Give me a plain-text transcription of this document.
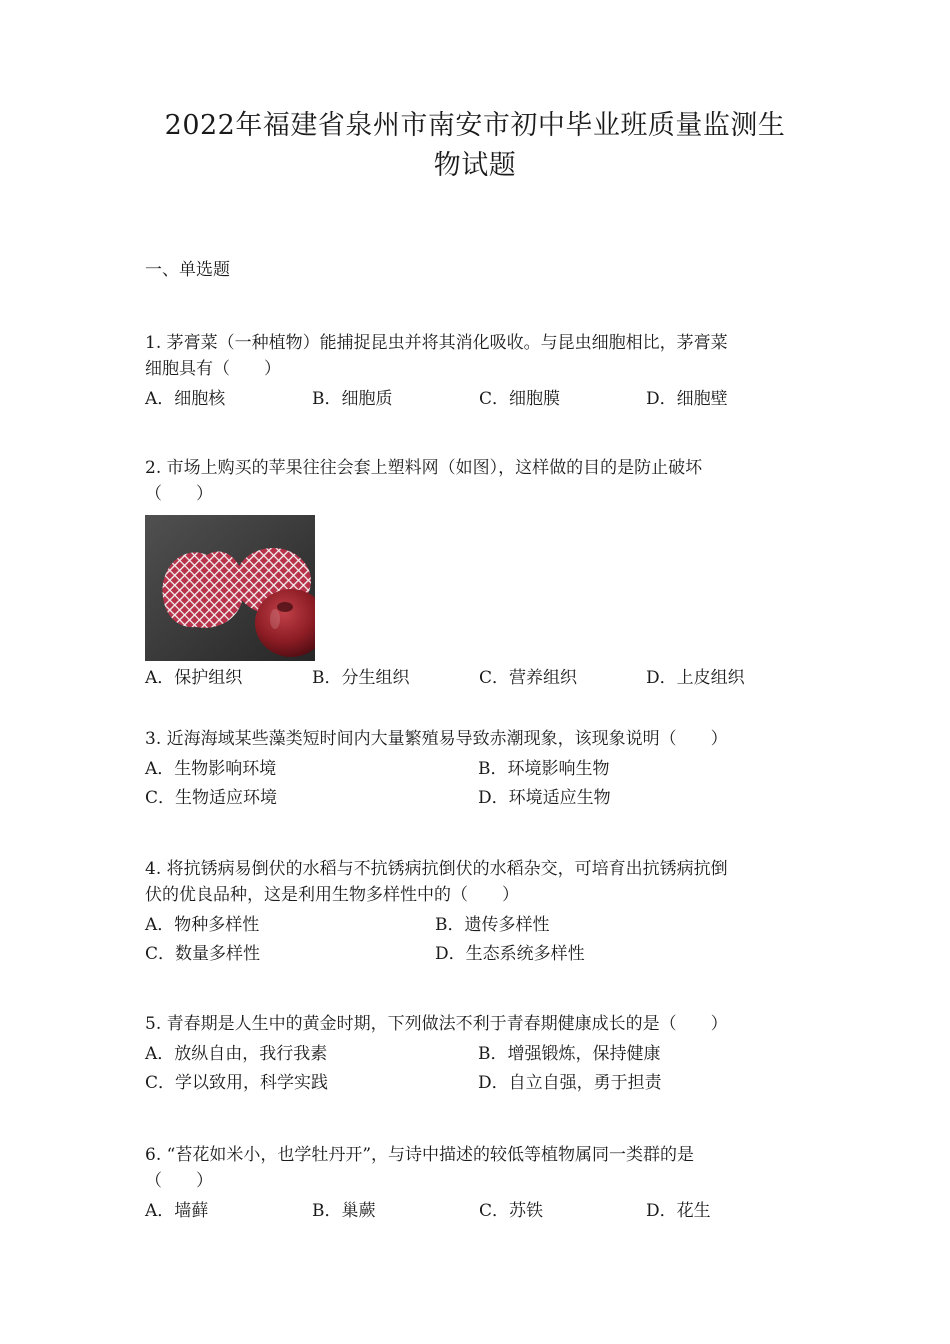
2022年福建省泉州市南安市初中毕业班质量监测生
物试题
一、单选题

1. 茅膏菜（一种植物）能捕捉昆虫并将其消化吸收。与昆虫细胞相比，茅膏菜

细胞具有（　　）

A．细胞核	B．细胞质	C．细胞膜	D．细胞壁

2. 市场上购买的苹果往往会套上塑料网（如图），这样做的目的是防止破坏

（　　）

A．保护组织	B．分生组织	C．营养组织	D．上皮组织

3. 近海海域某些藻类短时间内大量繁殖易导致赤潮现象，该现象说明（　　）

A．生物影响环境	B．环境影响生物
C．生物适应环境	D．环境适应生物

4. 将抗锈病易倒伏的水稻与不抗锈病抗倒伏的水稻杂交，可培育出抗锈病抗倒

伏的优良品种，这是利用生物多样性中的（　　）

A．物种多样性	B．遗传多样性
C．数量多样性	D．生态系统多样性

5. 青春期是人生中的黄金时期，下列做法不利于青春期健康成长的是（　　）

A．放纵自由，我行我素	B．增强锻炼，保持健康
C．学以致用，科学实践	D．自立自强，勇于担责

6. “苔花如米小，也学牡丹开”，与诗中描述的较低等植物属同一类群的是

（　　）

A．墙藓	B．巢蕨	C．苏铁	D．花生
